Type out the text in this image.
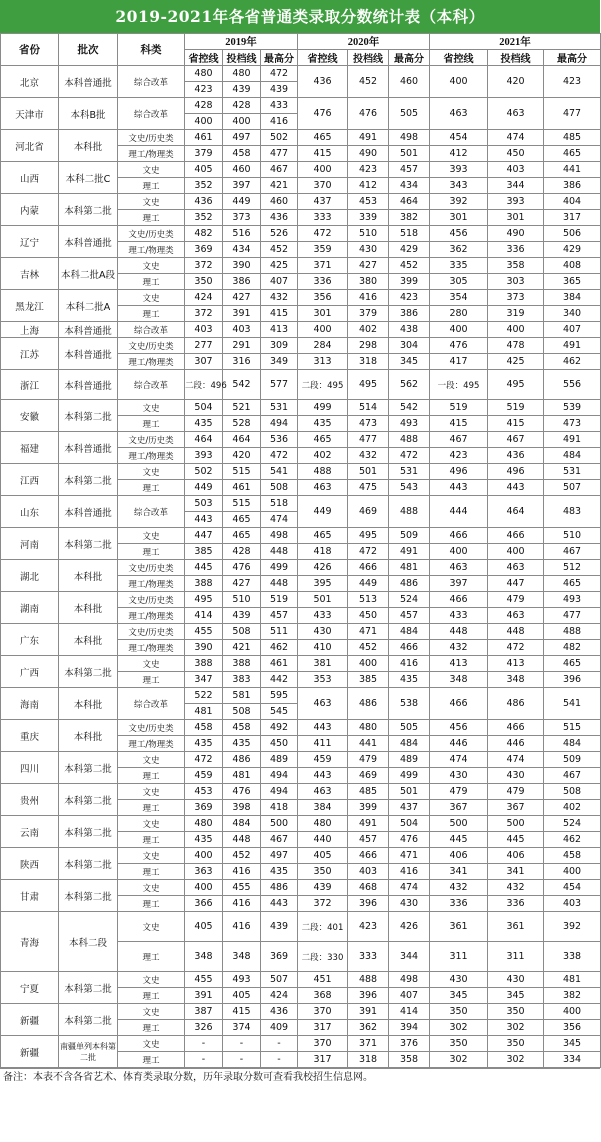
2019-2021年各省普通类录取分数统计表（本科）
省份	批次	科类	2019年			2020年			2021年		
			省控线	投档线	最高分	省控线	投档线	最高分	省控线	投档线	最高分
北京	本科普通批	综合改革	480	480	472	436	452	460	400	420	423
			423	439	439						
天津市	本科B批	综合改革	428	428	433	476	476	505	463	463	477
			400	400	416						
河北省	本科批	文史/历史类	461	497	502	465	491	498	454	474	485
		理工/物理类	379	458	477	415	490	501	412	450	465
山西	本科二批C	文史	405	460	467	400	423	457	393	403	441
		理工	352	397	421	370	412	434	343	344	386
内蒙	本科第二批	文史	436	449	460	437	453	464	392	393	404
		理工	352	373	436	333	339	382	301	301	317
辽宁	本科普通批	文史/历史类	482	516	526	472	510	518	456	490	506
		理工/物理类	369	434	452	359	430	429	362	336	429
吉林	本科二批A段	文史	372	390	425	371	427	452	335	358	408
		理工	350	386	407	336	380	399	305	303	365
黑龙江	本科二批A	文史	424	427	432	356	416	423	354	373	384
		理工	372	391	415	301	379	386	280	319	340
上海	本科普通批	综合改革	403	403	413	400	402	438	400	400	407
江苏	本科普通批	文史/历史类	277	291	309	284	298	304	476	478	491
		理工/物理类	307	316	349	313	318	345	417	425	462
浙江	本科普通批	综合改革	二段：496	542	577	二段：495	495	562	一段：495	495	556
安徽	本科第二批	文史	504	521	531	499	514	542	519	519	539
		理工	435	528	494	435	473	493	415	415	473
福建	本科普通批	文史/历史类	464	464	536	465	477	488	467	467	491
		理工/物理类	393	420	472	402	432	472	423	436	484
江西	本科第二批	文史	502	515	541	488	501	531	496	496	531
		理工	449	461	508	463	475	543	443	443	507
山东	本科普通批	综合改革	503	515	518	449	469	488	444	464	483
			443	465	474						
河南	本科第二批	文史	447	465	498	465	495	509	466	466	510
		理工	385	428	448	418	472	491	400	400	467
湖北	本科批	文史/历史类	445	476	499	426	466	481	463	463	512
		理工/物理类	388	427	448	395	449	486	397	447	465
湖南	本科批	文史/历史类	495	510	519	501	513	524	466	479	493
		理工/物理类	414	439	457	433	450	457	433	463	477
广东	本科批	文史/历史类	455	508	511	430	471	484	448	448	488
		理工/物理类	390	421	462	410	452	466	432	472	482
广西	本科第二批	文史	388	388	461	381	400	416	413	413	465
		理工	347	383	442	353	385	435	348	348	396
海南	本科批	综合改革	522	581	595	463	486	538	466	486	541
			481	508	545						
重庆	本科批	文史/历史类	458	458	492	443	480	505	456	466	515
		理工/物理类	435	435	450	411	441	484	446	446	484
四川	本科第二批	文史	472	486	489	459	479	489	474	474	509
		理工	459	481	494	443	469	499	430	430	467
贵州	本科第二批	文史	453	476	494	463	485	501	479	479	508
		理工	369	398	418	384	399	437	367	367	402
云南	本科第二批	文史	480	484	500	480	491	504	500	500	524
		理工	435	448	467	440	457	476	445	445	462
陕西	本科第二批	文史	400	452	497	405	466	471	406	406	458
		理工	363	416	435	350	403	416	341	341	400
甘肃	本科第二批	文史	400	455	486	439	468	474	432	432	454
		理工	366	416	443	372	396	430	336	336	403
青海	本科二段	文史	405	416	439	二段：401	423	426	361	361	392
		理工	348	348	369	二段：330	333	344	311	311	338
宁夏	本科第二批	文史	455	493	507	451	488	498	430	430	481
		理工	391	405	424	368	396	407	345	345	382
新疆	本科第二批	文史	387	415	436	370	391	414	350	350	400
		理工	326	374	409	317	362	394	302	302	356
新疆	南疆单列本科第二批	文史	-	-	-	370	371	376	350	350	345
		理工	-	-	-	317	318	358	302	302	334
备注：本表不含各省艺术、体育类录取分数，历年录取分数可查看我校招生信息网。
